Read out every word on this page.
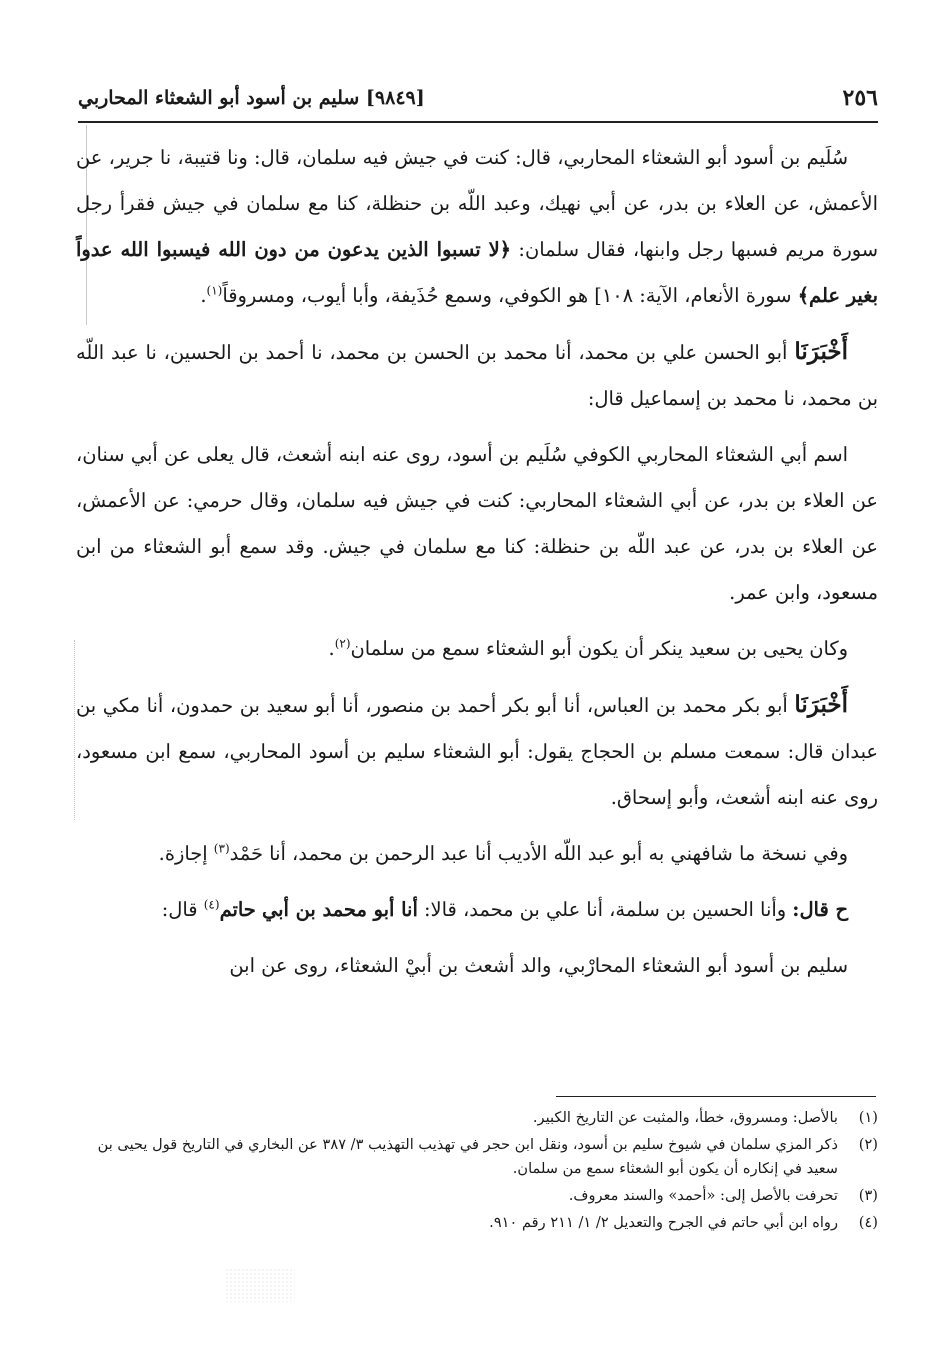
٢٥٦
[٩٨٤٩] سليم بن أسود أبو الشعثاء المحاربي

سُلَيم بن أسود أبو الشعثاء المحاربي، قال: كنت في جيش فيه سلمان، قال: ونا قتيبة، نا جرير، عن الأعمش، عن العلاء بن بدر، عن أبي نهيك، وعبد اللّه بن حنظلة، كنا مع سلمان في جيش فقرأ رجل سورة مريم فسبها رجل وابنها، فقال سلمان: ﴿لا تسبوا الذين يدعون من دون الله فيسبوا الله عدواً بغير علم﴾ سورة الأنعام، الآية: ١٠٨] هو الكوفي، وسمع حُذَيفة، وأبا أيوب، ومسروقاً$^{(١)}$.

أَخْبَرَنَا أبو الحسن علي بن محمد، أنا محمد بن الحسن بن محمد، نا أحمد بن الحسين، نا عبد اللّه بن محمد، نا محمد بن إسماعيل قال:

اسم أبي الشعثاء المحاربي الكوفي سُلَيم بن أسود، روى عنه ابنه أشعث، قال يعلى عن أبي سنان، عن العلاء بن بدر، عن أبي الشعثاء المحاربي: كنت في جيش فيه سلمان، وقال حرمي: عن الأعمش، عن العلاء بن بدر، عن عبد اللّه بن حنظلة: كنا مع سلمان في جيش. وقد سمع أبو الشعثاء من ابن مسعود، وابن عمر.

وكان يحيى بن سعيد ينكر أن يكون أبو الشعثاء سمع من سلمان$^{(٢)}$.

أَخْبَرَنَا أبو بكر محمد بن العباس، أنا أبو بكر أحمد بن منصور، أنا أبو سعيد بن حمدون، أنا مكي بن عبدان قال: سمعت مسلم بن الحجاج يقول: أبو الشعثاء سليم بن أسود المحاربي، سمع ابن مسعود، روى عنه ابنه أشعث، وأبو إسحاق.

وفي نسخة ما شافهني به أبو عبد اللّه الأديب أنا عبد الرحمن بن محمد، أنا حَمْد$^{(٣)}$ إجازة.

ح قال: وأنا الحسين بن سلمة، أنا علي بن محمد، قالا: أنا أبو محمد بن أبي حاتم$^{(٤)}$ قال:

سليم بن أسود أبو الشعثاء المحارْبي، والد أشعث بن أبيْ الشعثاء، روى عن ابن

(١)
بالأصل: ومسروق، خطأ، والمثبت عن التاريخ الكبير.
(٢)
ذكر المزي سلمان في شيوخ سليم بن أسود، ونقل ابن حجر في تهذيب التهذيب ٣/ ٣٨٧ عن البخاري في التاريخ قول يحيى بن سعيد في إنكاره أن يكون أبو الشعثاء سمع من سلمان.
(٣)
تحرفت بالأصل إلى: «أحمد» والسند معروف.
(٤)
رواه ابن أبي حاتم في الجرح والتعديل ٢/ ١/ ٢١١ رقم ٩١٠.
